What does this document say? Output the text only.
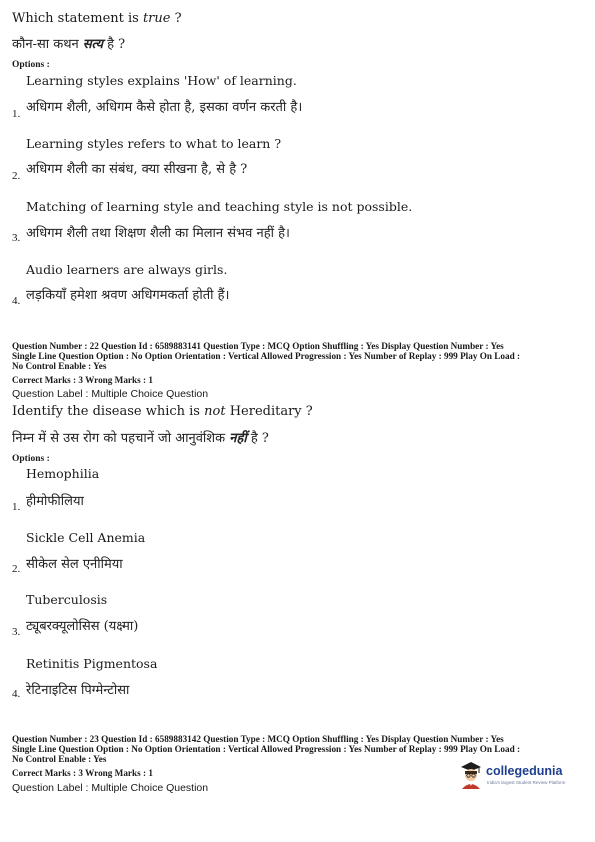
Which statement is true ?
कौन-सा कथन सत्य है ?
Options :
Learning styles explains 'How' of learning.
अधिगम शैली, अधिगम कैसे होता है, इसका वर्णन करती है।
1.
Learning styles refers to what to learn ?
अधिगम शैली का संबंध, क्या सीखना है, से है ?
2.
Matching of learning style and teaching style is not possible.
अधिगम शैली तथा शिक्षण शैली का मिलान संभव नहीं है।
3.
Audio learners are always girls.
लड़कियाँ हमेशा श्रवण अधिगमकर्ता होती हैं।
4.
Question Number : 22 Question Id : 6589883141 Question Type : MCQ Option Shuffling : Yes Display Question Number : Yes
Single Line Question Option : No Option Orientation : Vertical Allowed Progression : Yes Number of Replay : 999 Play On Load :
No Control Enable : Yes
Correct Marks : 3 Wrong Marks : 1
Question Label : Multiple Choice Question
Identify the disease which is not Hereditary ?
निम्न में से उस रोग को पहचानें जो आनुवंशिक नहीं है ?
Options :
Hemophilia
हीमोफीलिया
1.
Sickle Cell Anemia
सीकेल सेल एनीमिया
2.
Tuberculosis
ट्यूबरक्यूलोसिस (यक्ष्मा)
3.
Retinitis Pigmentosa
रेटिनाइटिस पिग्मेन्टोसा
4.
Question Number : 23 Question Id : 6589883142 Question Type : MCQ Option Shuffling : Yes Display Question Number : Yes
Single Line Question Option : No Option Orientation : Vertical Allowed Progression : Yes Number of Replay : 999 Play On Load :
No Control Enable : Yes
Correct Marks : 3 Wrong Marks : 1
Question Label : Multiple Choice Question
collegedunia
India's largest Student Review Platform
